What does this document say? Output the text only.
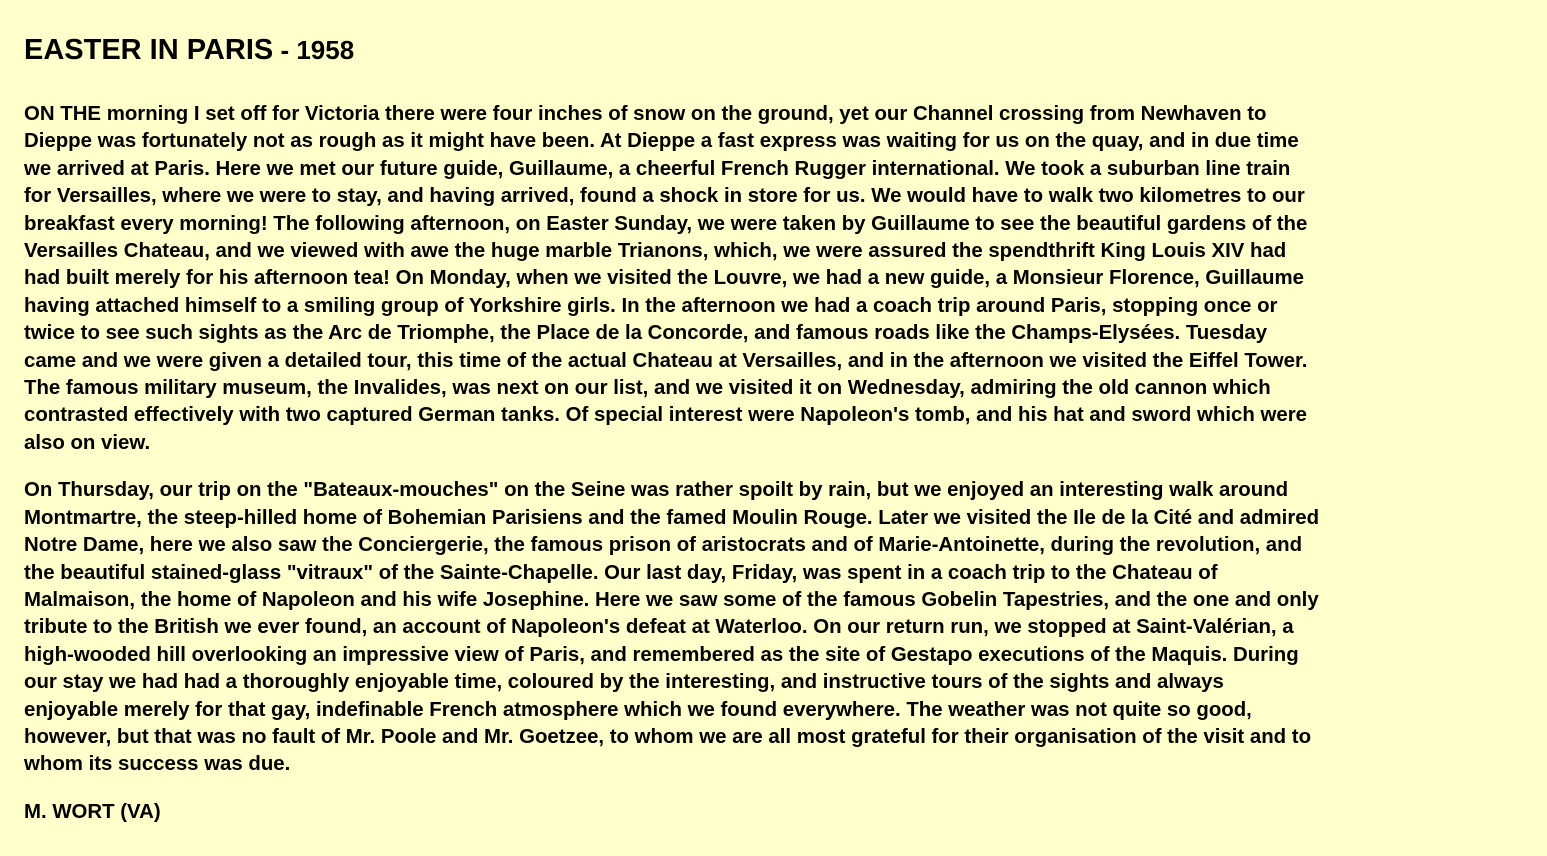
EASTER IN PARIS - 1958
ON THE morning I set off for Victoria there were four inches of snow on the ground, yet our Channel crossing from Newhaven to
Dieppe was fortunately not as rough as it might have been. At Dieppe a fast express was waiting for us on the quay, and in due time
we arrived at Paris. Here we met our future guide, Guillaume, a cheerful French Rugger international. We took a suburban line train
for Versailles, where we were to stay, and having arrived, found a shock in store for us. We would have to walk two kilometres to our
breakfast every morning! The following afternoon, on Easter Sunday, we were taken by Guillaume to see the beautiful gardens of the
Versailles Chateau, and we viewed with awe the huge marble Trianons, which, we were assured the spendthrift King Louis XIV had
had built merely for his afternoon tea! On Monday, when we visited the Louvre, we had a new guide, a Monsieur Florence, Guillaume
having attached himself to a smiling group of Yorkshire girls. In the afternoon we had a coach trip around Paris, stopping once or
twice to see such sights as the Arc de Triomphe, the Place de la Concorde, and famous roads like the Champs-Elysées. Tuesday
came and we were given a detailed tour, this time of the actual Chateau at Versailles, and in the afternoon we visited the Eiffel Tower.
The famous military museum, the Invalides, was next on our list, and we visited it on Wednesday, admiring the old cannon which
contrasted effectively with two captured German tanks. Of special interest were Napoleon's tomb, and his hat and sword which were
also on view.
On Thursday, our trip on the "Bateaux-mouches" on the Seine was rather spoilt by rain, but we enjoyed an interesting walk around
Montmartre, the steep-hilled home of Bohemian Parisiens and the famed Moulin Rouge. Later we visited the Ile de la Cité and admired
Notre Dame, here we also saw the Conciergerie, the famous prison of aristocrats and of Marie-Antoinette, during the revolution, and
the beautiful stained-glass "vitraux" of the Sainte-Chapelle. Our last day, Friday, was spent in a coach trip to the Chateau of
Malmaison, the home of Napoleon and his wife Josephine. Here we saw some of the famous Gobelin Tapestries, and the one and only
tribute to the British we ever found, an account of Napoleon's defeat at Waterloo. On our return run, we stopped at Saint-Valérian, a
high-wooded hill overlooking an impressive view of Paris, and remembered as the site of Gestapo executions of the Maquis. During
our stay we had had a thoroughly enjoyable time, coloured by the interesting, and instructive tours of the sights and always
enjoyable merely for that gay, indefinable French atmosphere which we found everywhere. The weather was not quite so good,
however, but that was no fault of Mr. Poole and Mr. Goetzee, to whom we are all most grateful for their organisation of the visit and to
whom its success was due.
M. WORT (VA)
